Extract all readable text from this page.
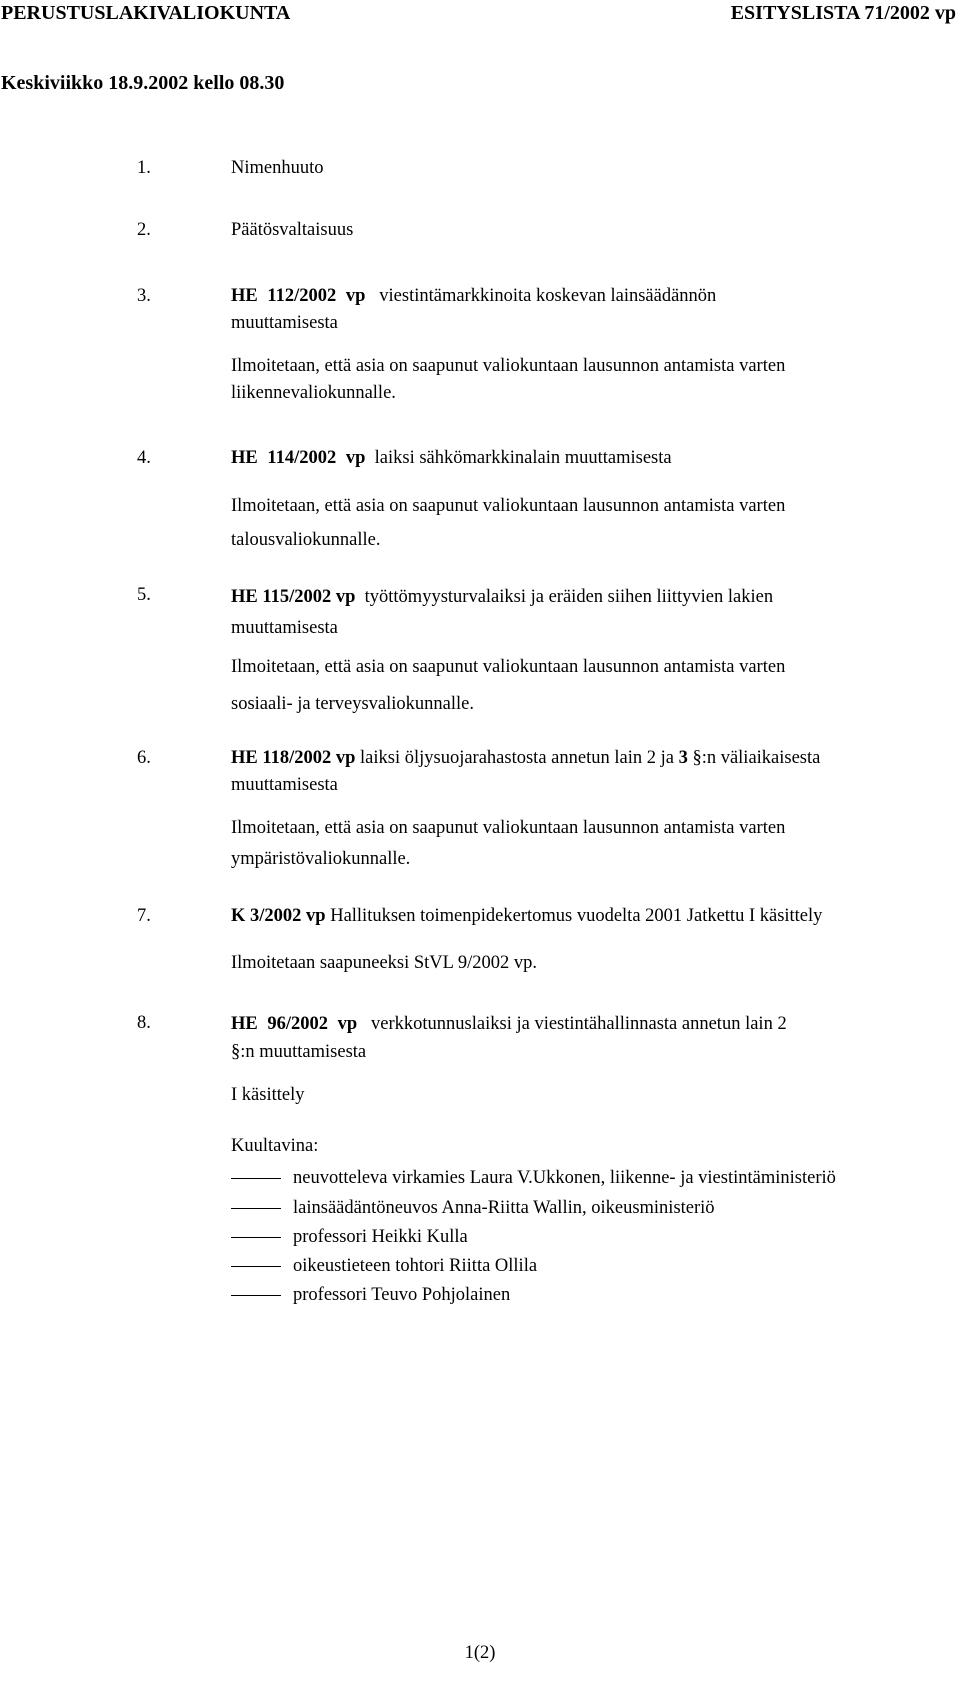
PERUSTUSLAKIVALIOKUNTA	ESITYSLISTA 71/2002 vp
Keskiviikko 18.9.2002 kello 08.30
1.	Nimenhuuto
2.	Päätösvaltaisuus
3.	HE 112/2002 vp viestintämarkkinoita koskevan lainsäädännön
muuttamisesta
Ilmoitetaan, että asia on saapunut valiokuntaan lausunnon antamista varten
liikennevaliokunnalle.
4.	HE 114/2002 vp laiksi sähkömarkkinalain muuttamisesta
Ilmoitetaan, että asia on saapunut valiokuntaan lausunnon antamista varten
talousvaliokunnalle.
5.	HE 115/2002 vp työttömyysturvalaiksi ja eräiden siihen liittyvien lakien
muuttamisesta
Ilmoitetaan, että asia on saapunut valiokuntaan lausunnon antamista varten
sosiaali- ja terveysvaliokunnalle.
6.	HE 118/2002 vp laiksi öljysuojarahastosta annetun lain 2 ja 3 §:n väliaikaisesta
muuttamisesta
Ilmoitetaan, että asia on saapunut valiokuntaan lausunnon antamista varten
ympäristövaliokunnalle.
7.	K 3/2002 vp Hallituksen toimenpidekertomus vuodelta 2001 Jatkettu I käsittely
Ilmoitetaan saapuneeksi StVL 9/2002 vp.
8.	HE 96/2002 vp verkkotunnuslaiksi ja viestintähallinnasta annetun lain 2
§:n muuttamisesta
I käsittely
Kuultavina:
neuvotteleva virkamies Laura V.Ukkonen, liikenne- ja viestintäministeriö
lainsäädäntöneuvos Anna-Riitta Wallin, oikeusministeriö
professori Heikki Kulla
oikeustieteen tohtori Riitta Ollila
professori Teuvo Pohjolainen
1(2)
